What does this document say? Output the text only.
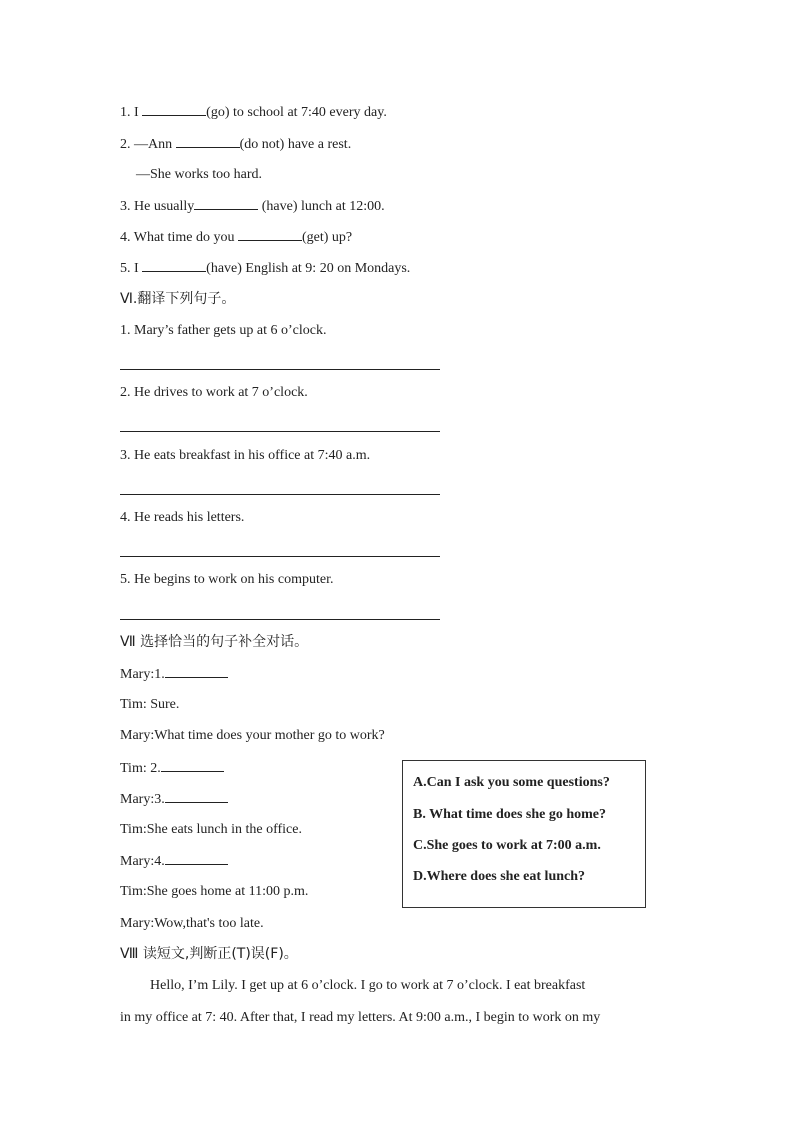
1. I	(go) to school at 7:40 every day.
2. —Ann	(do not) have a rest.
—She works too hard.
3. He usually	(have) lunch at 12:00.
4. What time do you	(get) up?
5. I	(have) English at 9: 20 on Mondays.
Ⅵ.翻译下列句子。
1. Mary’s father gets up at 6 o’clock.
2. He drives to work at 7 o’clock.
3. He eats breakfast in his office at 7:40 a.m.
4. He reads his letters.
5. He begins to work on his computer.
Ⅶ 选择恰当的句子补全对话。
Mary:1.
Tim: Sure.
Mary:What time does your mother go to work?
Tim: 2.
Mary:3.
Tim:She eats lunch in the office.
Mary:4.
Tim:She goes home at 11:00 p.m.
Mary:Wow,that's too late.
A.Can I ask you some questions?
B. What time does she go home?
C.She goes to work at 7:00 a.m.
D.Where does she eat lunch?
Ⅷ 读短文,判断正(T)误(F)。
Hello, I’m Lily. I get up at 6 o’clock. I go to work at 7 o’clock. I eat breakfast
in my office at 7: 40. After that, I read my letters. At 9:00 a.m., I begin to work on my
